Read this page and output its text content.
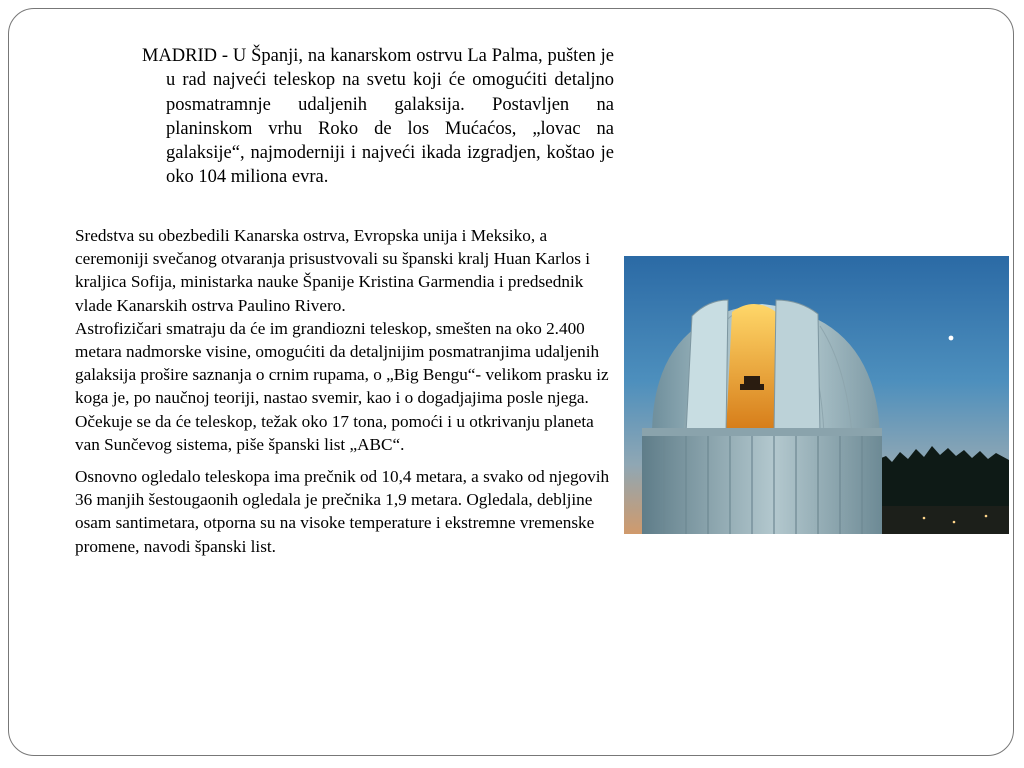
MADRID - U Španji, na kanarskom ostrvu La Palma, pušten je u rad najveći teleskop na svetu koji će omogućiti detaljno posmatramnje udaljenih galaksija. Postavljen na planinskom vrhu Roko de los Mućaćos, „lovac na galaksije“, najmoderniji i najveći ikada izgradjen, koštao je oko 104 miliona evra.

Sredstva su obezbedili Kanarska ostrva, Evropska unija i Meksiko, a ceremoniji svečanog otvaranja prisustvovali su španski kralj Huan Karlos i kraljica Sofija, ministarka nauke Španije Kristina Garmendia i predsednik vlade Kanarskih ostrva Paulino Rivero.

Astrofizičari smatraju da će im grandiozni teleskop, smešten na oko 2.400 metara nadmorske visine, omogućiti da detaljnijim posmatranjima udaljenih galaksija prošire saznanja o crnim rupama, o „Big Bengu“- velikom prasku iz koga je, po naučnoj teoriji, nastao svemir, kao i o dogadjajima posle njega. Očekuje se da će teleskop, težak oko 17 tona, pomoći i u otkrivanju planeta van Sunčevog sistema, piše španski list „ABC“.

Osnovno ogledalo teleskopa ima prečnik od 10,4 metara, a svako od njegovih 36 manjih šestougaonih ogledala je prečnika 1,9 metara. Ogledala, debljine osam santimetara, otporna su na visoke temperature i ekstremne vremenske promene, navodi španski list.
